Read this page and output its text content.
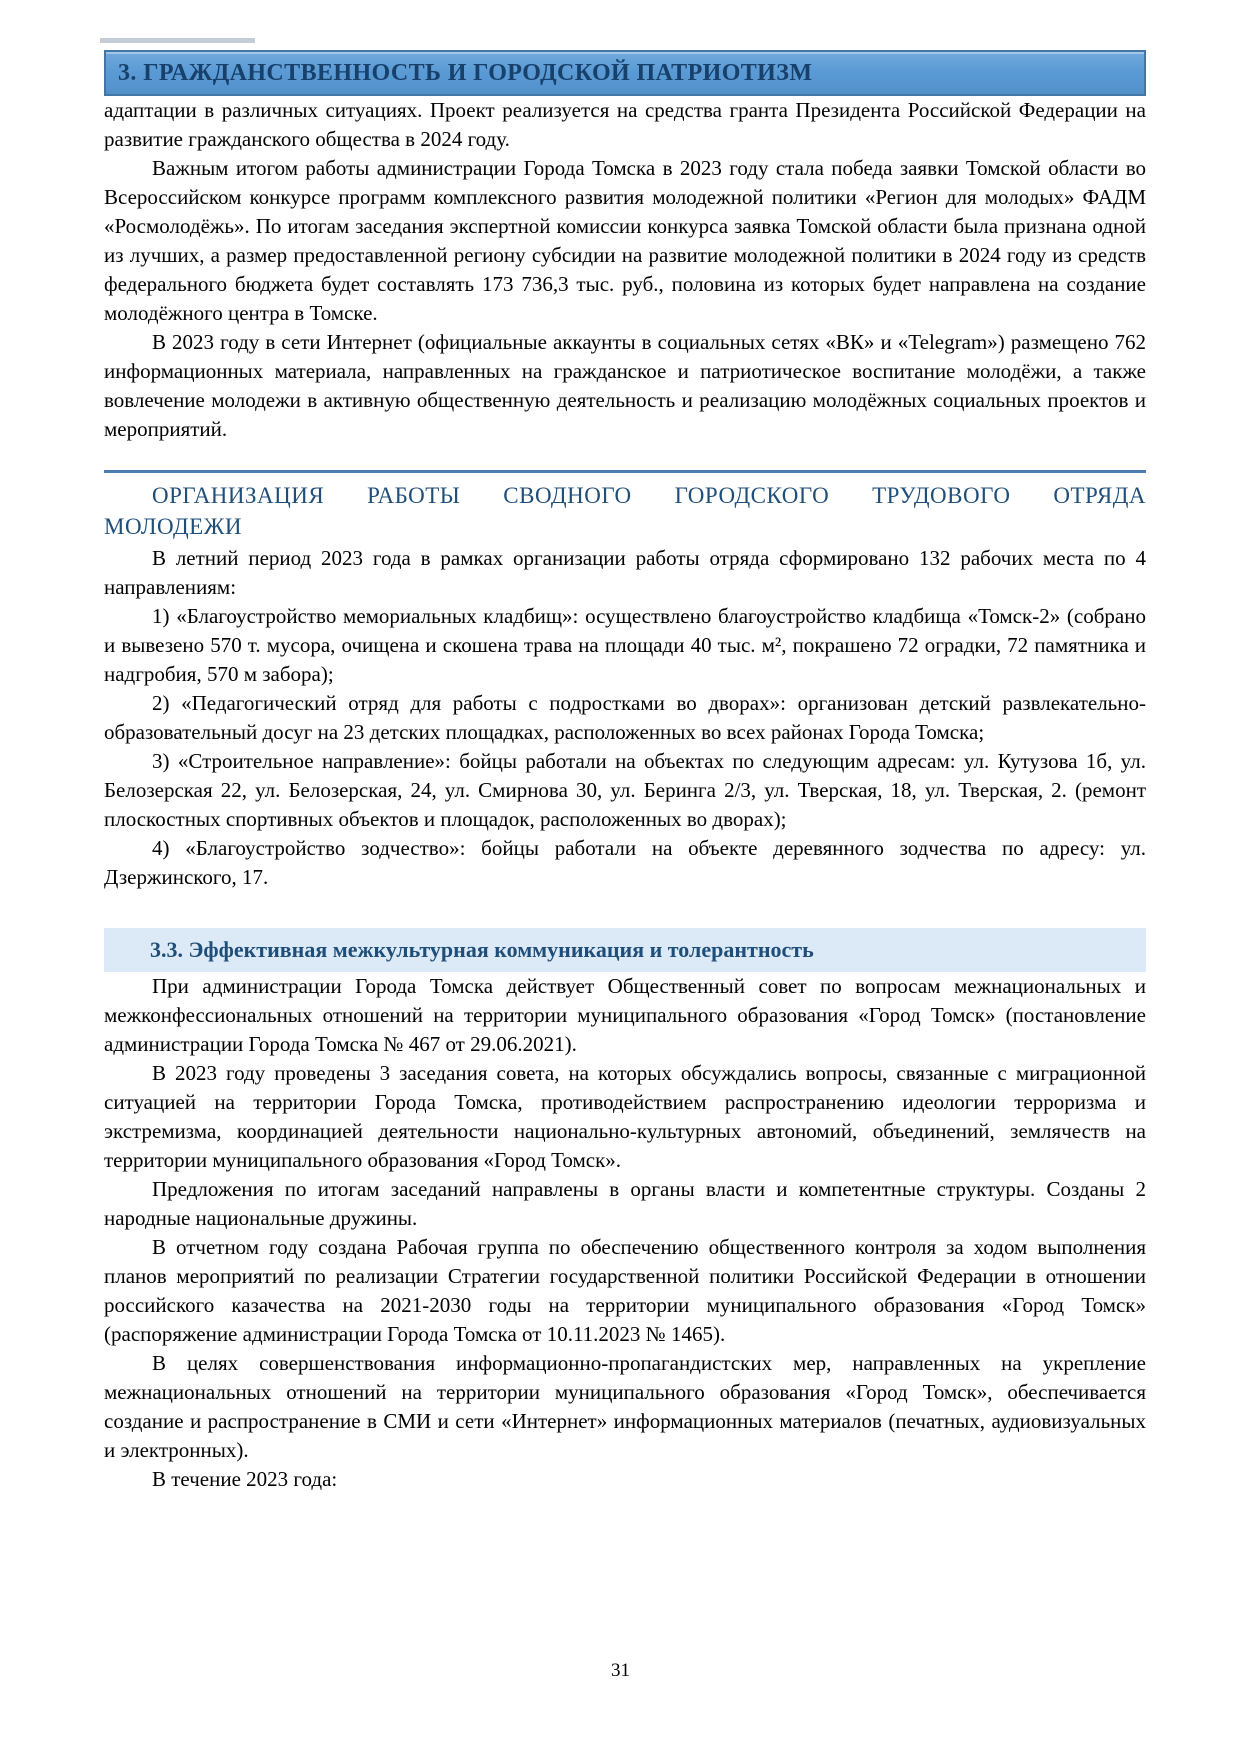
3. ГРАЖДАНСТВЕННОСТЬ И ГОРОДСКОЙ ПАТРИОТИЗМ

адаптации в различных ситуациях. Проект реализуется на средства гранта Президента Российской Федерации на развитие гражданского общества в 2024 году.

Важным итогом работы администрации Города Томска в 2023 году стала победа заявки Томской области во Всероссийском конкурсе программ комплексного развития молодежной политики «Регион для молодых» ФАДМ «Росмолодёжь». По итогам заседания экспертной комиссии конкурса заявка Томской области была признана одной из лучших, а размер предоставленной региону субсидии на развитие молодежной политики в 2024 году из средств федерального бюджета будет составлять 173 736,3 тыс. руб., половина из которых будет направлена на создание молодёжного центра в Томске.

В 2023 году в сети Интернет (официальные аккаунты в социальных сетях «ВК» и «Telegram») размещено 762 информационных материала, направленных на гражданское и патриотическое воспитание молодёжи, а также вовлечение молодежи в активную общественную деятельность и реализацию молодёжных социальных проектов и мероприятий.

ОРГАНИЗАЦИЯ РАБОТЫ СВОДНОГО ГОРОДСКОГО ТРУДОВОГО ОТРЯДА МОЛОДЕЖИ

В летний период 2023 года в рамках организации работы отряда сформировано 132 рабочих места по 4 направлениям:

1) «Благоустройство мемориальных кладбищ»: осуществлено благоустройство кладбища «Томск-2» (собрано и вывезено 570 т. мусора, очищена и скошена трава на площади 40 тыс. м², покрашено 72 оградки, 72 памятника и надгробия, 570 м забора);

2) «Педагогический отряд для работы с подростками во дворах»: организован детский развлекательно-образовательный досуг на 23 детских площадках, расположенных во всех районах Города Томска;

3) «Строительное направление»: бойцы работали на объектах по следующим адресам: ул. Кутузова 1б, ул. Белозерская 22, ул. Белозерская, 24, ул. Смирнова 30, ул. Беринга 2/3, ул. Тверская, 18, ул. Тверская, 2. (ремонт плоскостных спортивных объектов и площадок, расположенных во дворах);

4) «Благоустройство зодчество»: бойцы работали на объекте деревянного зодчества по адресу: ул. Дзержинского, 17.

3.3. Эффективная межкультурная коммуникация и толерантность

При администрации Города Томска действует Общественный совет по вопросам межнациональных и межконфессиональных отношений на территории муниципального образования «Город Томск» (постановление администрации Города Томска № 467 от 29.06.2021).

В 2023 году проведены 3 заседания совета, на которых обсуждались вопросы, связанные с миграционной ситуацией на территории Города Томска, противодействием распространению идеологии терроризма и экстремизма, координацией деятельности национально-культурных автономий, объединений, землячеств на территории муниципального образования «Город Томск».

Предложения по итогам заседаний направлены в органы власти и компетентные структуры. Созданы 2 народные национальные дружины.

В отчетном году создана Рабочая группа по обеспечению общественного контроля за ходом выполнения планов мероприятий по реализации Стратегии государственной политики Российской Федерации в отношении российского казачества на 2021-2030 годы на территории муниципального образования «Город Томск» (распоряжение администрации Города Томска от 10.11.2023 № 1465).

В целях совершенствования информационно-пропагандистских мер, направленных на укрепление межнациональных отношений на территории муниципального образования «Город Томск», обеспечивается создание и распространение в СМИ и сети «Интернет» информационных материалов (печатных, аудиовизуальных и электронных).

В течение 2023 года:

31
